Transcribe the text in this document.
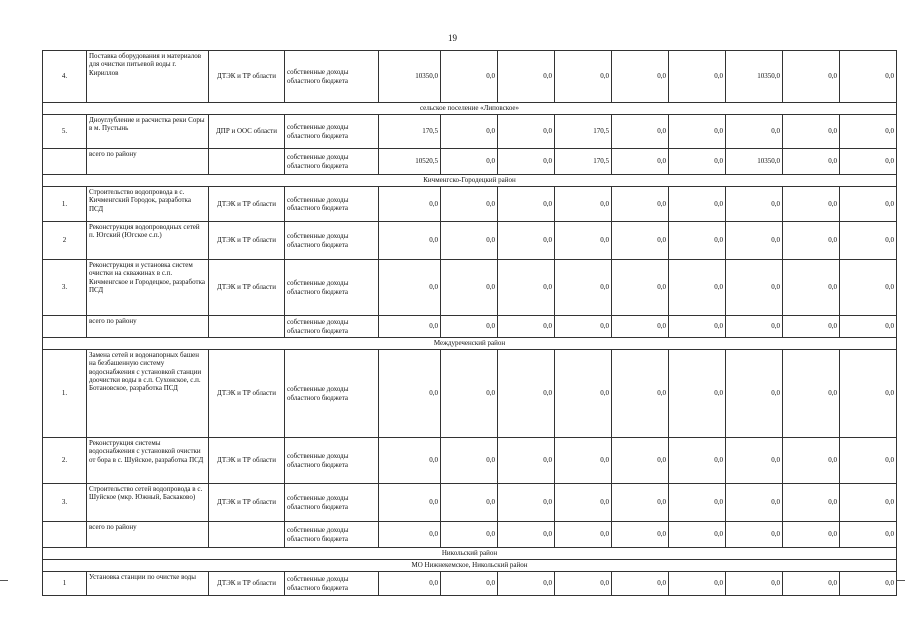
19
4.	Поставка оборудования и материалов для очистки питьевой воды г. Кириллов	ДТЭК и ТР области	собственные доходы областного бюджета	10350,0	0,0	0,0	0,0	0,0	0,0	10350,0	0,0	0,0
сельское поселение «Липовское»												
5.	Дноуглубление и расчистка реки Соры в м. Пустынь	ДПР и ООС области	собственные доходы областного бюджета	170,5	0,0	0,0	170,5	0,0	0,0	0,0	0,0	0,0
	всего по району		собственные доходы областного бюджета	10520,5	0,0	0,0	170,5	0,0	0,0	10350,0	0,0	0,0
Кичменгско-Городецкий район												
1.	Строительство водопровода в с. Кичменгский Городок, разработка ПСД	ДТЭК и ТР области	собственные доходы областного бюджета	0,0	0,0	0,0	0,0	0,0	0,0	0,0	0,0	0,0
2	Реконструкция водопроводных сетей п. Югский (Югское с.п.)	ДТЭК и ТР области	собственные доходы областного бюджета	0,0	0,0	0,0	0,0	0,0	0,0	0,0	0,0	0,0
3.	Реконструкция и установка систем очистки на скважинах в с.п. Кичменгское и Городецкое, разработка ПСД	ДТЭК и ТР области	собственные доходы областного бюджета	0,0	0,0	0,0	0,0	0,0	0,0	0,0	0,0	0,0
	всего по району		собственные доходы областного бюджета	0,0	0,0	0,0	0,0	0,0	0,0	0,0	0,0	0,0
Междуреченский район												
1.	Замена сетей и водонапорных башен на безбашенную систему водоснабжения с установкой станции доочистки воды в с.п. Сухонское, с.п. Ботановское, разработка ПСД	ДТЭК и ТР области	собственные доходы областного бюджета	0,0	0,0	0,0	0,0	0,0	0,0	0,0	0,0	0,0
2.	Реконструкция системы водоснабжения с установкой очистки от бора в с. Шуйское, разработка ПСД	ДТЭК и ТР области	собственные доходы областного бюджета	0,0	0,0	0,0	0,0	0,0	0,0	0,0	0,0	0,0
3.	Строительство сетей водопровода в с. Шуйское (мкр. Южный, Баскаково)	ДТЭК и ТР области	собственные доходы областного бюджета	0,0	0,0	0,0	0,0	0,0	0,0	0,0	0,0	0,0
	всего по району		собственные доходы областного бюджета	0,0	0,0	0,0	0,0	0,0	0,0	0,0	0,0	0,0
Никольский район												
МО Нижнекемское, Никольский район												
1	Установка станции по очистке воды	ДТЭК и ТР области	собственные доходы областного бюджета	0,0	0,0	0,0	0,0	0,0	0,0	0,0	0,0	0,0
